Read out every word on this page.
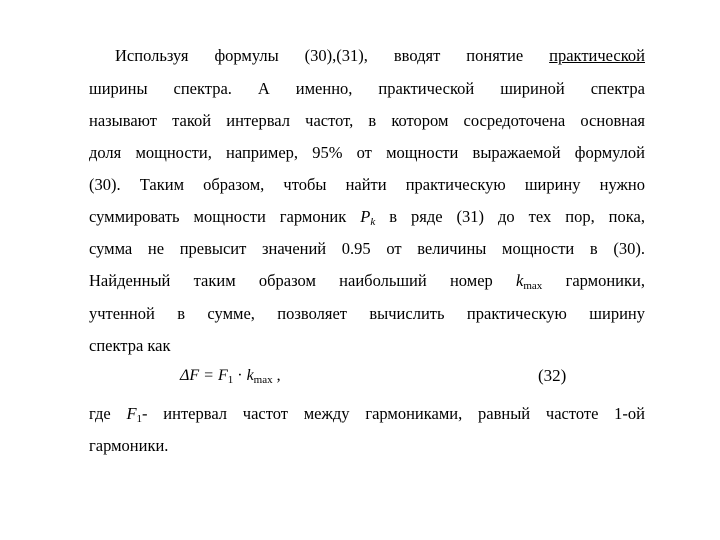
Используя формулы (30),(31), вводят понятие практической
ширины спектра. А именно, практической шириной спектра
называют такой интервал частот, в котором сосредоточена основная
доля мощности, например, 95% от мощности выражаемой формулой
(30). Таким образом, чтобы найти практическую ширину нужно
суммировать мощности гармоник $P_k$ в ряде (31) до тех пор, пока,
сумма не превысит значений 0.95 от величины мощности в (30).
Найденный таким образом наибольший номер $k_{max}$ гармоники,
учтенной в сумме, позволяет вычислить практическую ширину
спектра как
$\Delta F = F_1 \cdot k_{max}$ ,	(32)
где $F_1-$ интервал частот между гармониками, равный частоте 1-ой
гармоники.
